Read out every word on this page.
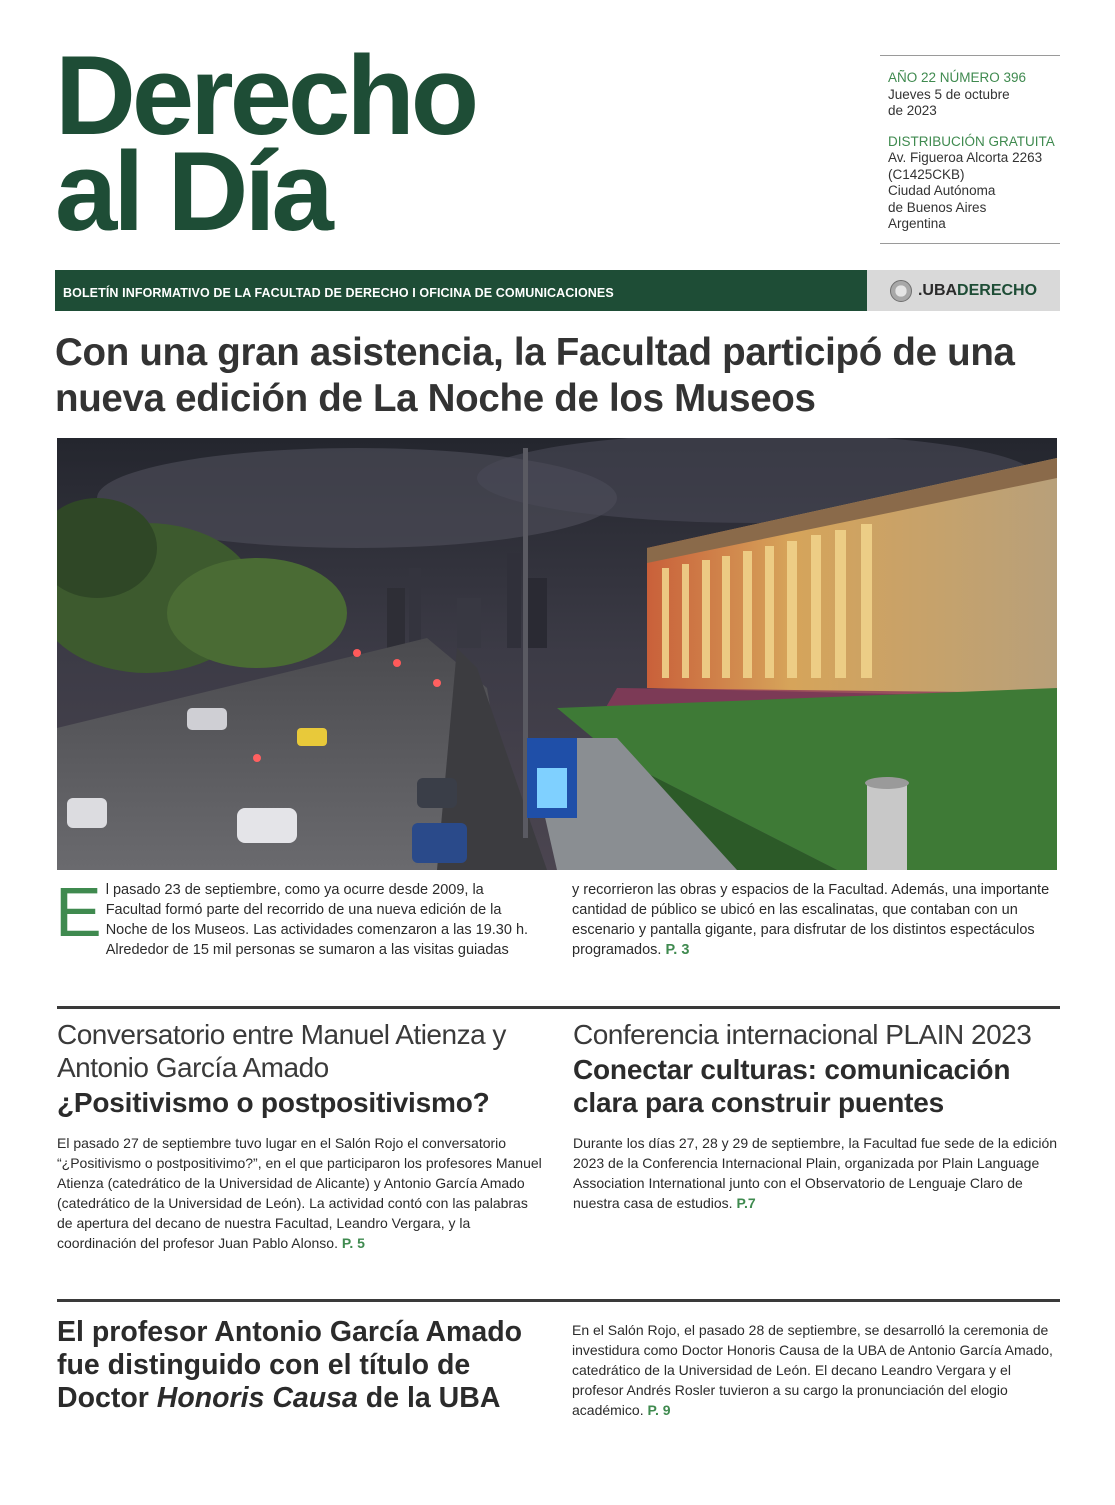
Derecho
al Día
AÑO 22 NÚMERO 396
Jueves 5 de octubre
de 2023
DISTRIBUCIÓN GRATUITA
Av. Figueroa Alcorta 2263
(C1425CKB)
Ciudad Autónoma
de Buenos Aires
Argentina
BOLETÍN INFORMATIVO DE LA FACULTAD DE DERECHO I OFICINA DE COMUNICACIONES	.UBADERECHO
Con una gran asistencia, la Facultad participó de una nueva edición de La Noche de los Museos
E l pasado 23 de septiembre, como ya ocurre desde 2009, la Facultad formó parte del recorrido de una nueva edición de la Noche de los Museos. Las actividades comenzaron a las 19.30 h. Alrededor de 15 mil personas se sumaron a las visitas guiadas
y recorrieron las obras y espacios de la Facultad. Además, una importante cantidad de público se ubicó en las escalinatas, que contaban con un escenario y pantalla gigante, para disfrutar de los distintos espectáculos programados. P. 3
Conversatorio entre Manuel Atienza y Antonio García Amado
¿Positivismo o postpositivismo?
El pasado 27 de septiembre tuvo lugar en el Salón Rojo el conversatorio “¿Positivismo o postpositivimo?”, en el que participaron los profesores Manuel Atienza (catedrático de la Universidad de Alicante) y Antonio García Amado (catedrático de la Universidad de León). La actividad contó con las palabras de apertura del decano de nuestra Facultad, Leandro Vergara, y la coordinación del profesor Juan Pablo Alonso. P. 5
Conferencia internacional PLAIN 2023
Conectar culturas: comunicación clara para construir puentes
Durante los días 27, 28 y 29 de septiembre, la Facultad fue sede de la edición 2023 de la Conferencia Internacional Plain, organizada por Plain Language Association International junto con el Observatorio de Lenguaje Claro de nuestra casa de estudios. P.7
El profesor Antonio García Amado fue distinguido con el título de Doctor Honoris Causa de la UBA
En el Salón Rojo, el pasado 28 de septiembre, se desarrolló la ceremonia de investidura como Doctor Honoris Causa de la UBA de Antonio García Amado, catedrático de la Universidad de León. El decano Leandro Vergara y el profesor Andrés Rosler tuvieron a su cargo la pronunciación del elogio académico. P. 9
